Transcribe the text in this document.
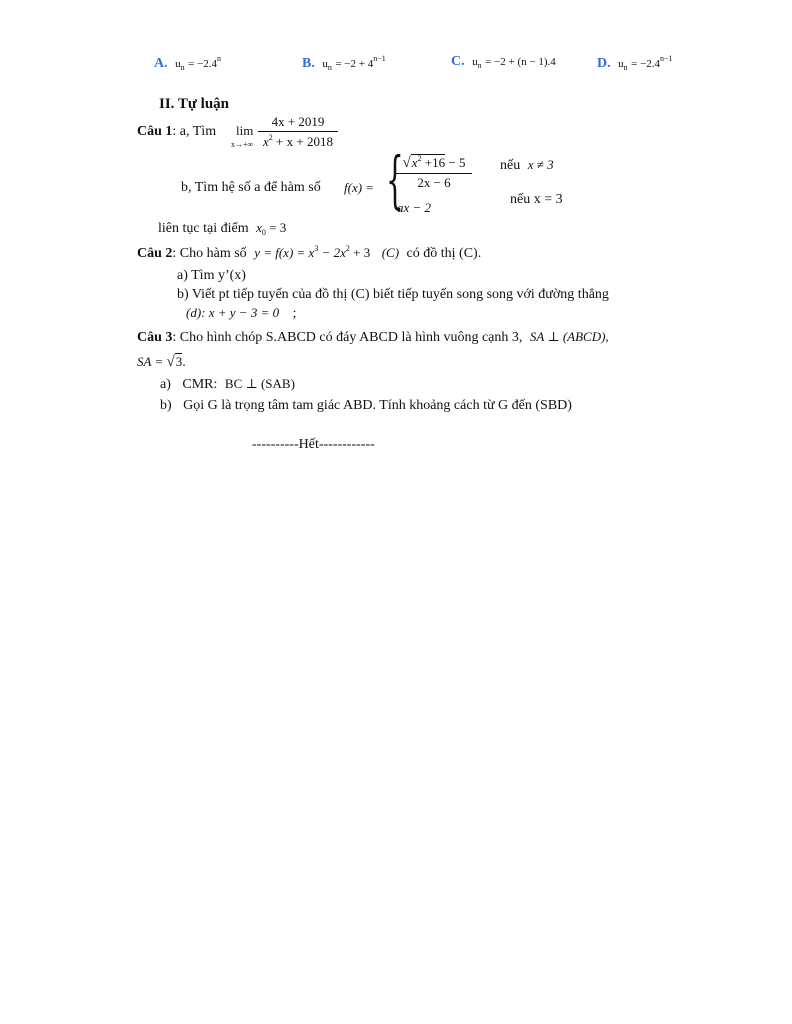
A. $u_n = -2.4^n$	B. $u_n = -2 + 4^{n-1}$	C. $u_n = -2 + (n - 1).4$	D. $u_n = -2.4^{n-1}$
II. Tự luận
Câu 1: a, Tìm lim
x→+∞
4x + 2019
$x^2 + x + 2018$
b, Tìm hệ số a để hàm số f(x) = {
$√x^2 +16 - 5$
2x − 6
ax − 2
nếu x ≠ 3
nếu x = 3
liên tục tại điểm $x_0 = 3$
Câu 2: Cho hàm số $y = f(x) = x^3 - 2x^2 + 3$ (C) có đồ thị (C).
a) Tìm y’(x)
b) Viết pt tiếp tuyến của đồ thị (C) biết tiếp tuyến song song với đường thẳng
(d): x + y − 3 = 0 ;
Câu 3: Cho hình chóp S.ABCD có đáy ABCD là hình vuông cạnh 3, SA ⊥ (ABCD),
SA = √3.
a) CMR: BC ⊥ (SAB)
b) Gọi G là trọng tâm tam giác ABD. Tính khoảng cách từ G đến (SBD)
----------Hết------------
